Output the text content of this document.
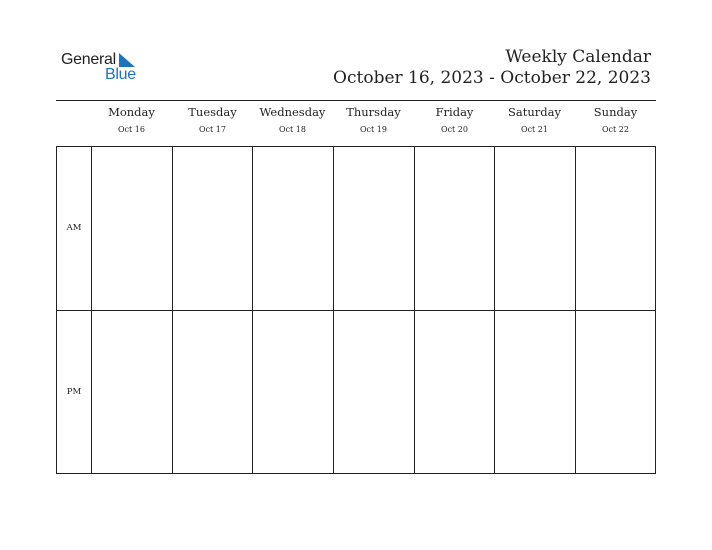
General
Blue
Weekly Calendar
October 16, 2023 - October 22, 2023
Monday
Oct 16
Tuesday
Oct 17
Wednesday
Oct 18
Thursday
Oct 19
Friday
Oct 20
Saturday
Oct 21
Sunday
Oct 22
AM
PM
